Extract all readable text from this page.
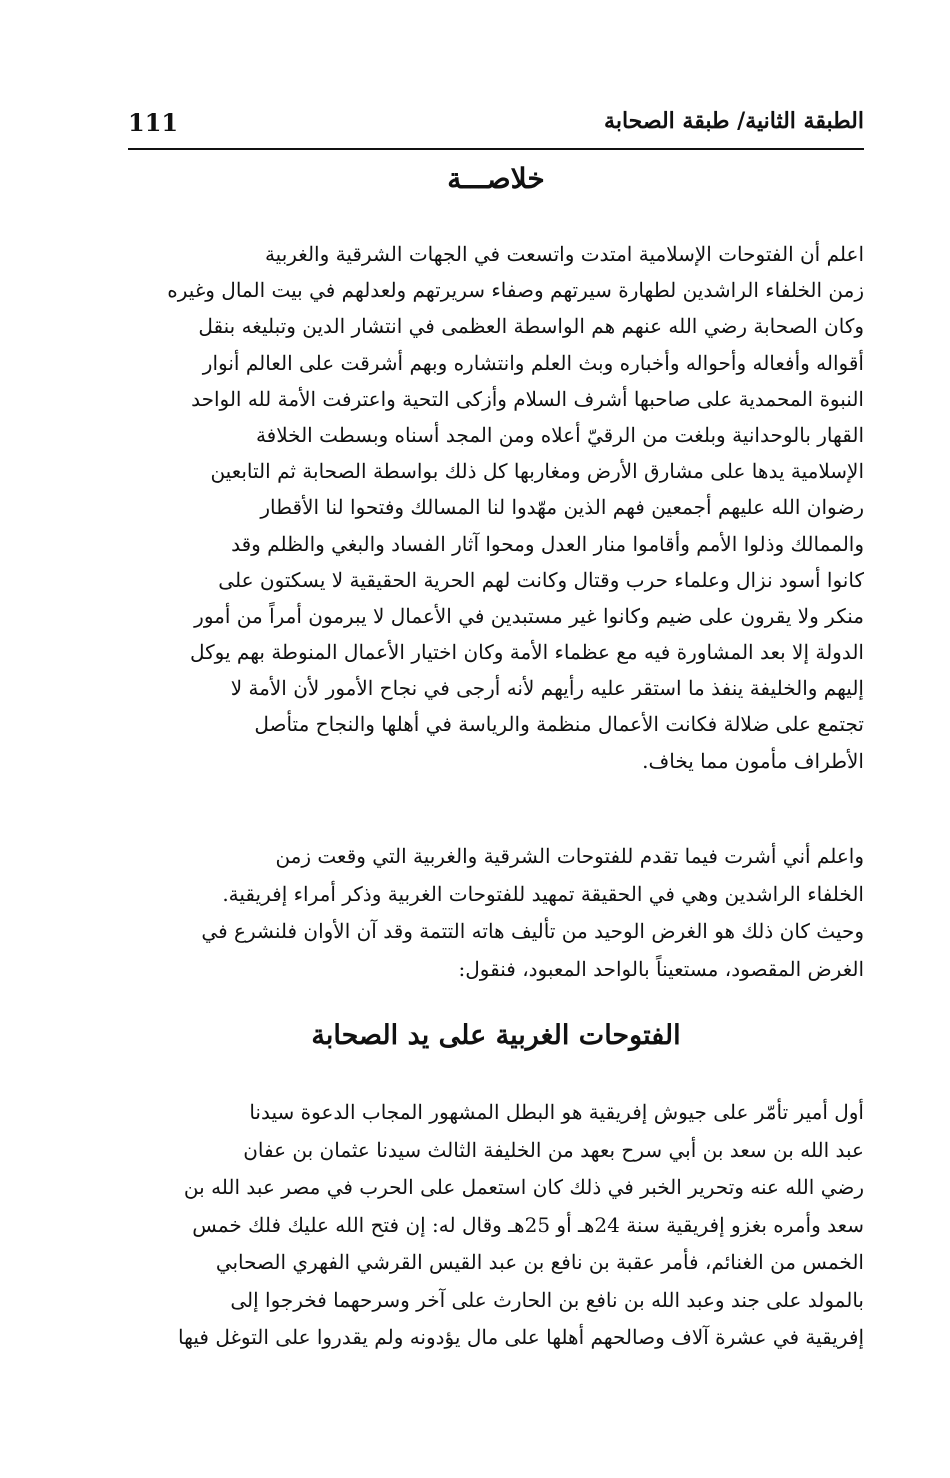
الطبقة الثانية/ طبقة الصحابة
111
خلاصـــة
اعلم أن الفتوحات الإسلامية امتدت واتسعت في الجهات الشرقية والغربية
زمن الخلفاء الراشدين لطهارة سيرتهم وصفاء سريرتهم ولعدلهم في بيت المال وغيره
وكان الصحابة رضي الله عنهم هم الواسطة العظمى في انتشار الدين وتبليغه بنقل
أقواله وأفعاله وأحواله وأخباره وبث العلم وانتشاره وبهم أشرقت على العالم أنوار
النبوة المحمدية على صاحبها أشرف السلام وأزكى التحية واعترفت الأمة لله الواحد
القهار بالوحدانية وبلغت من الرقيّ أعلاه ومن المجد أسناه وبسطت الخلافة
الإسلامية يدها على مشارق الأرض ومغاربها كل ذلك بواسطة الصحابة ثم التابعين
رضوان الله عليهم أجمعين فهم الذين مهّدوا لنا المسالك وفتحوا لنا الأقطار
والممالك وذلوا الأمم وأقاموا منار العدل ومحوا آثار الفساد والبغي والظلم وقد
كانوا أسود نزال وعلماء حرب وقتال وكانت لهم الحرية الحقيقية لا يسكتون على
منكر ولا يقرون على ضيم وكانوا غير مستبدين في الأعمال لا يبرمون أمراً من أمور
الدولة إلا بعد المشاورة فيه مع عظماء الأمة وكان اختيار الأعمال المنوطة بهم يوكل
إليهم والخليفة ينفذ ما استقر عليه رأيهم لأنه أرجى في نجاح الأمور لأن الأمة لا
تجتمع على ضلالة فكانت الأعمال منظمة والرياسة في أهلها والنجاح متأصل
الأطراف مأمون مما يخاف.
واعلم أني أشرت فيما تقدم للفتوحات الشرقية والغربية التي وقعت زمن
الخلفاء الراشدين وهي في الحقيقة تمهيد للفتوحات الغربية وذكر أمراء إفريقية.
وحيث كان ذلك هو الغرض الوحيد من تأليف هاته التتمة وقد آن الأوان فلنشرع في
الغرض المقصود، مستعيناً بالواحد المعبود، فنقول:
الفتوحات الغربية على يد الصحابة
أول أمير تأمّر على جيوش إفريقية هو البطل المشهور المجاب الدعوة سيدنا
عبد الله بن سعد بن أبي سرح بعهد من الخليفة الثالث سيدنا عثمان بن عفان
رضي الله عنه وتحرير الخبر في ذلك كان استعمل على الحرب في مصر عبد الله بن
سعد وأمره بغزو إفريقية سنة 24هـ أو 25هـ وقال له: إن فتح الله عليك فلك خمس
الخمس من الغنائم، فأمر عقبة بن نافع بن عبد القيس القرشي الفهري الصحابي
بالمولد على جند وعبد الله بن نافع بن الحارث على آخر وسرحهما فخرجوا إلى
إفريقية في عشرة آلاف وصالحهم أهلها على مال يؤدونه ولم يقدروا على التوغل فيها
